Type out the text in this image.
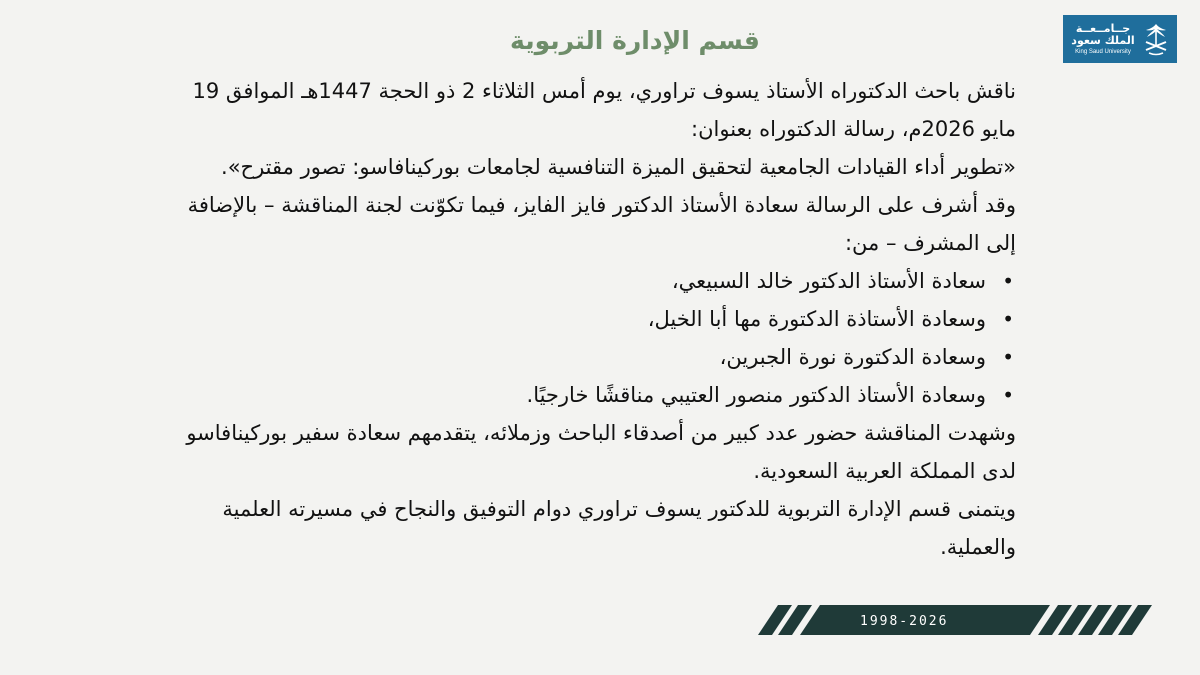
جــامــعــة
الملك سعود
King Saud University
قسم الإدارة التربوية

ناقش باحث الدكتوراه الأستاذ يسوف تراوري، يوم أمس الثلاثاء 2 ذو الحجة 1447هـ الموافق 19 مايو 2026م، رسالة الدكتوراه بعنوان:

«تطوير أداء القيادات الجامعية لتحقيق الميزة التنافسية لجامعات بوركينافاسو: تصور مقترح».

وقد أشرف على الرسالة سعادة الأستاذ الدكتور فايز الفايز، فيما تكوّنت لجنة المناقشة – بالإضافة إلى المشرف – من:

• سعادة الأستاذ الدكتور خالد السبيعي،
• وسعادة الأستاذة الدكتورة مها أبا الخيل،
• وسعادة الدكتورة نورة الجبرين،
• وسعادة الأستاذ الدكتور منصور العتيبي مناقشًا خارجيًا.

وشهدت المناقشة حضور عدد كبير من أصدقاء الباحث وزملائه، يتقدمهم سعادة سفير بوركينافاسو لدى المملكة العربية السعودية.

ويتمنى قسم الإدارة التربوية للدكتور يسوف تراوري دوام التوفيق والنجاح في مسيرته العلمية والعملية.

1998-2026
